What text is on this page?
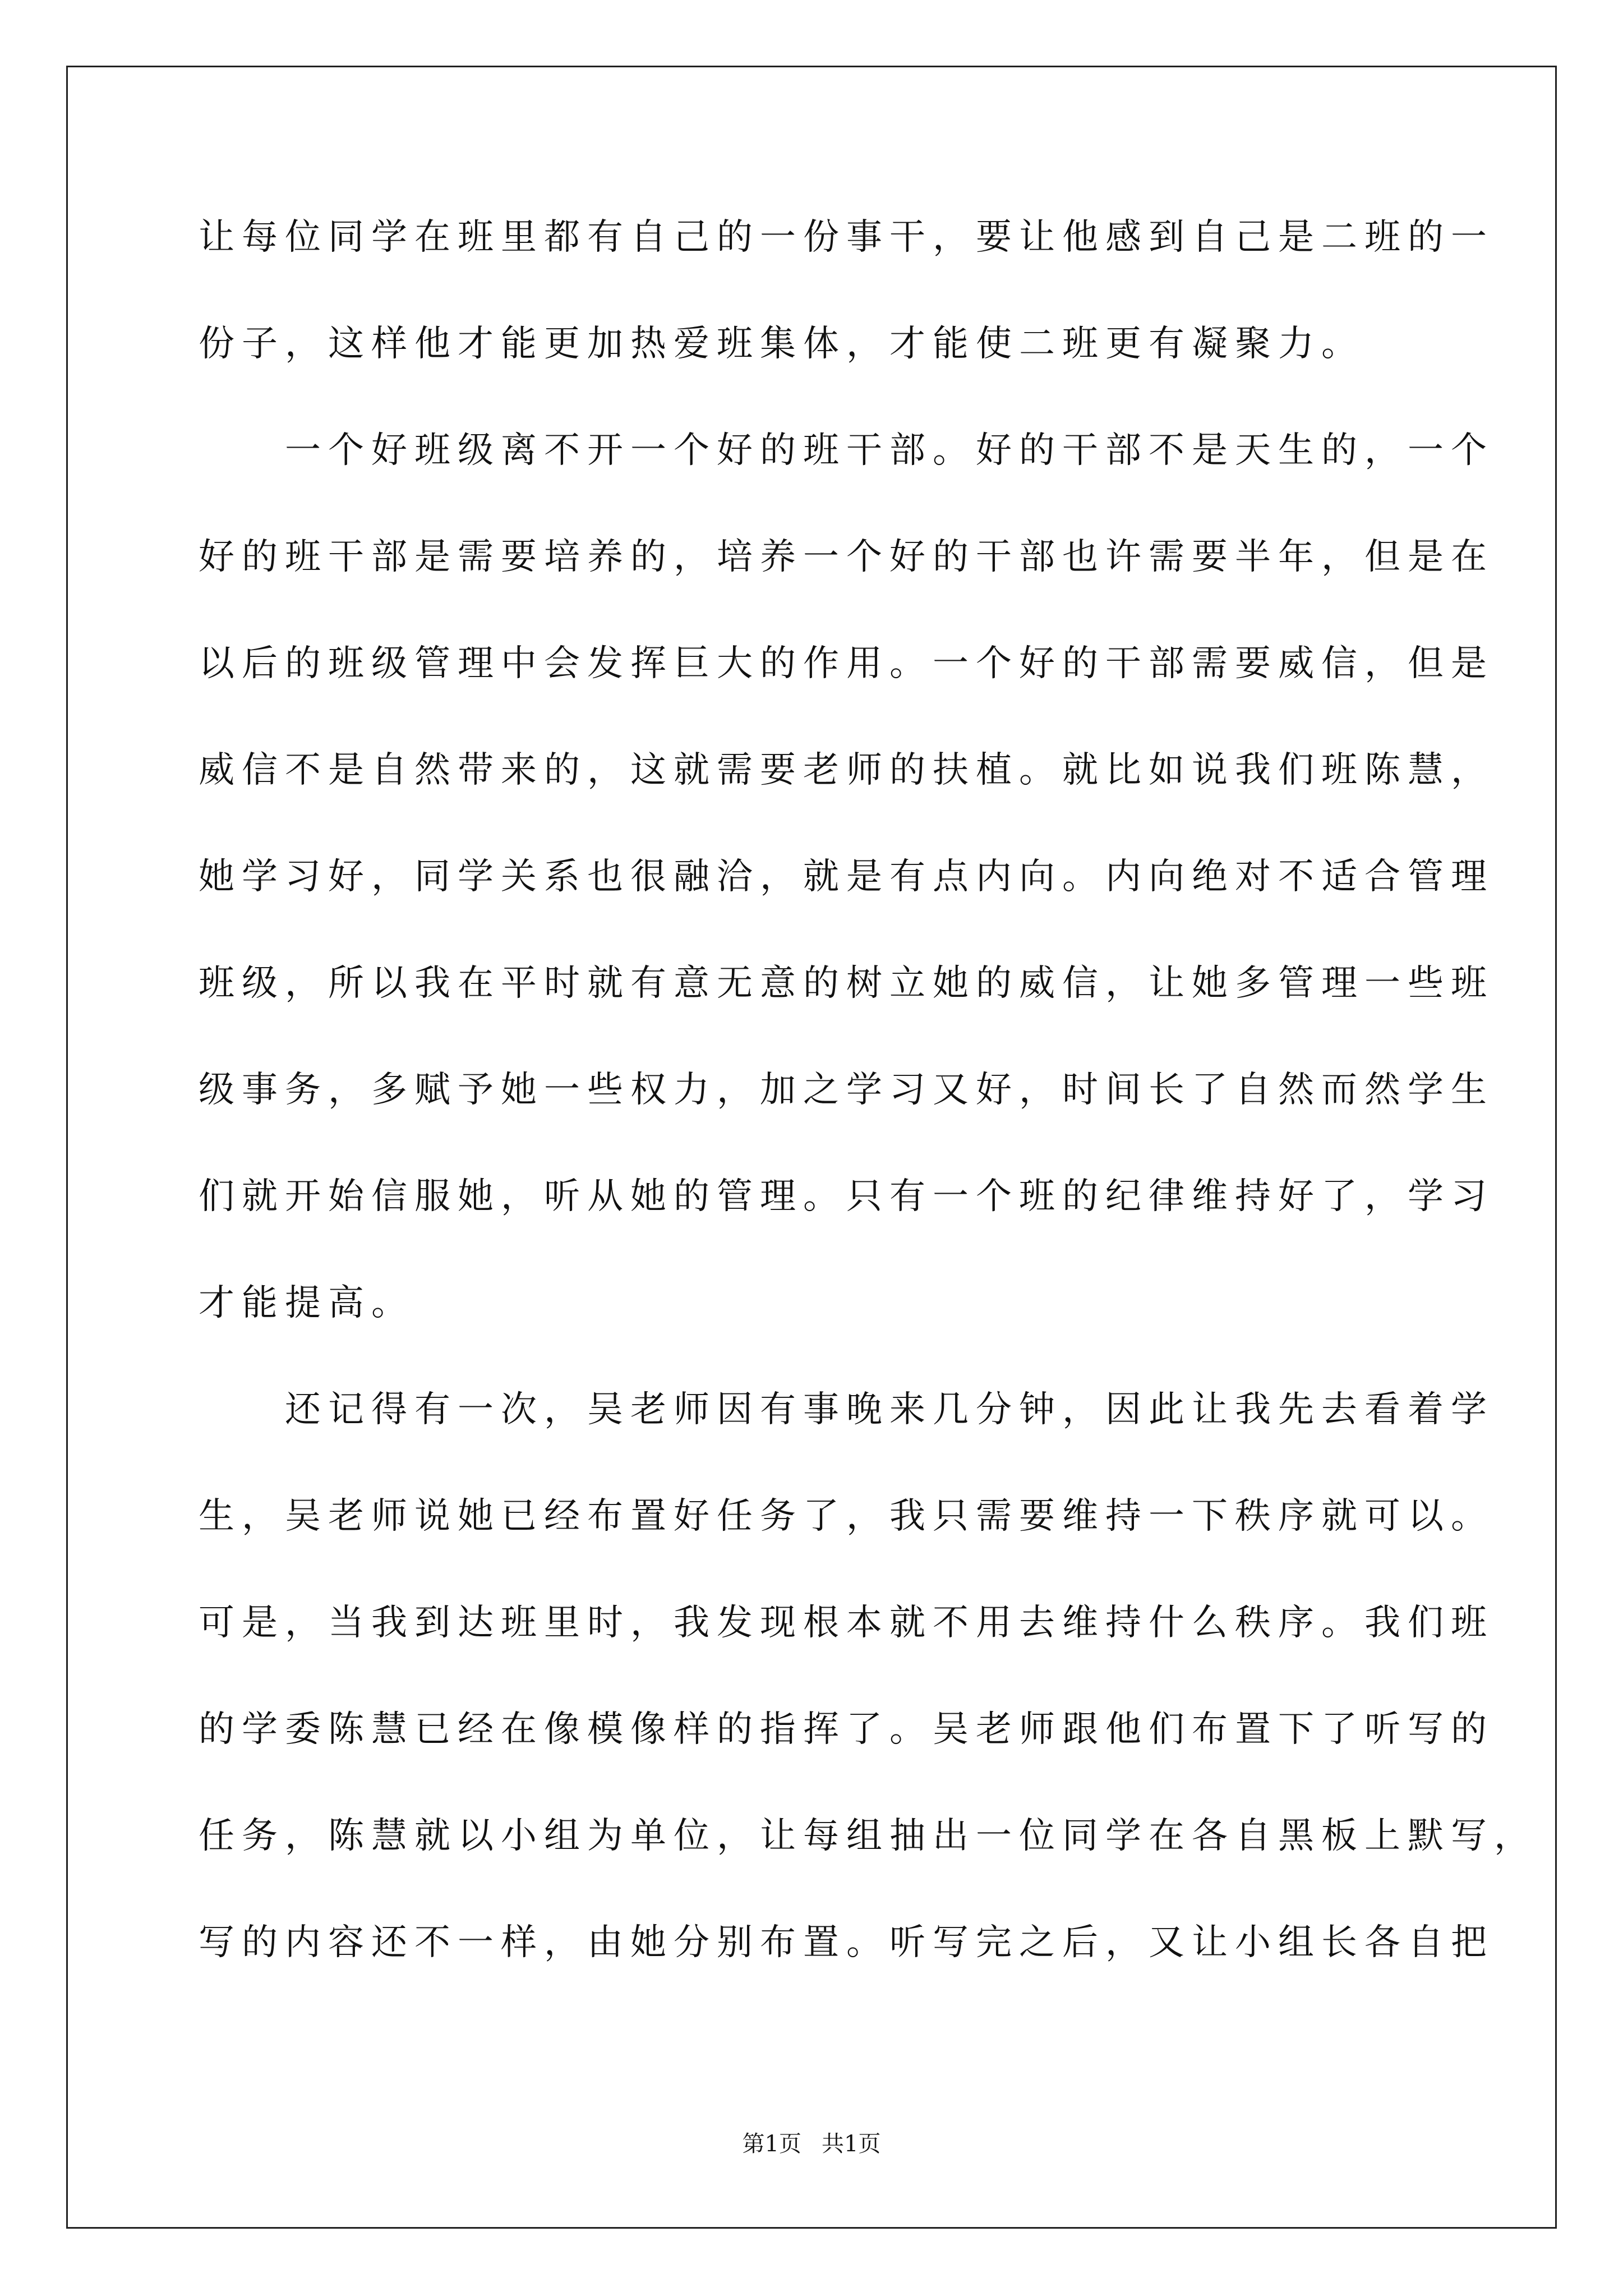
让每位同学在班里都有自己的一份事干，要让他感到自己是二班的一
份子，这样他才能更加热爱班集体，才能使二班更有凝聚力。
　　一个好班级离不开一个好的班干部。好的干部不是天生的，一个
好的班干部是需要培养的，培养一个好的干部也许需要半年，但是在
以后的班级管理中会发挥巨大的作用。一个好的干部需要威信，但是
威信不是自然带来的，这就需要老师的扶植。就比如说我们班陈慧，
她学习好，同学关系也很融洽，就是有点内向。内向绝对不适合管理
班级，所以我在平时就有意无意的树立她的威信，让她多管理一些班
级事务，多赋予她一些权力，加之学习又好，时间长了自然而然学生
们就开始信服她，听从她的管理。只有一个班的纪律维持好了，学习
才能提高。
　　还记得有一次，吴老师因有事晚来几分钟，因此让我先去看着学
生，吴老师说她已经布置好任务了，我只需要维持一下秩序就可以。
可是，当我到达班里时，我发现根本就不用去维持什么秩序。我们班
的学委陈慧已经在像模像样的指挥了。吴老师跟他们布置下了听写的
任务，陈慧就以小组为单位，让每组抽出一位同学在各自黑板上默写，
写的内容还不一样，由她分别布置。听写完之后，又让小组长各自把
第1页 共1页
